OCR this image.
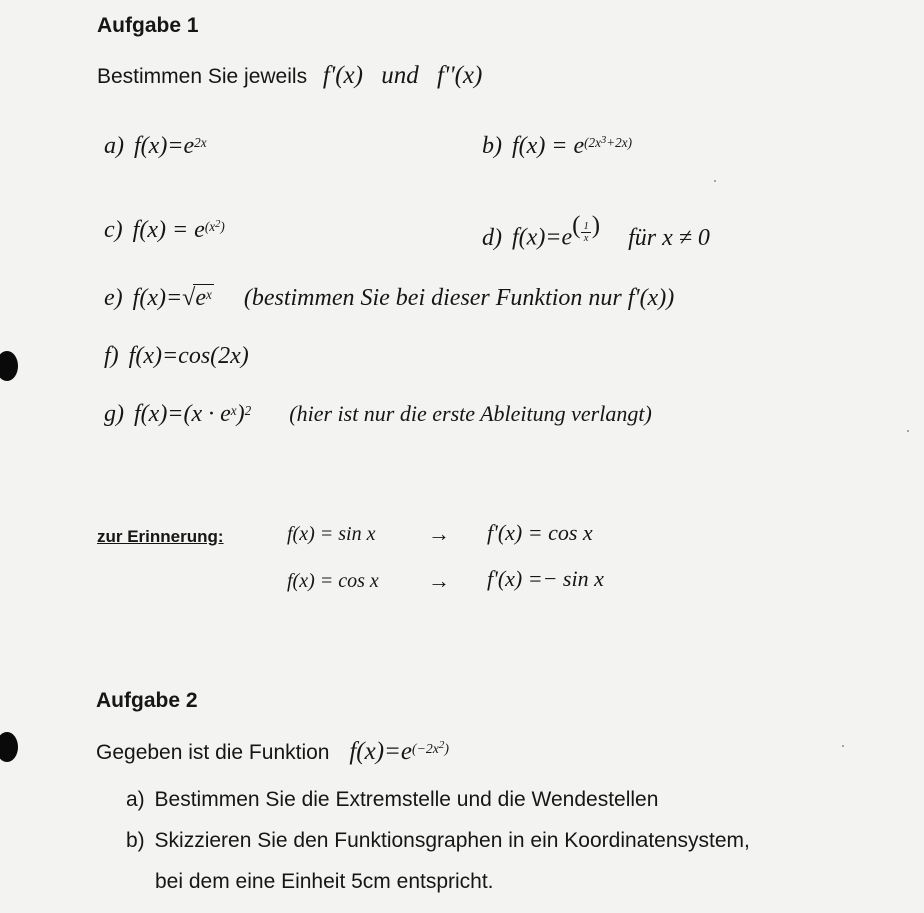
Aufgabe 1
Bestimmen Sie jeweils f'(x) und f''(x)
a) $f(x)=e^{2x}$	b) $f(x) = e^{(2x^3+2x)}$
c) $f(x) = e^{(x^2)}$	d) $f(x)=e^{( \frac{1}{x} )}$ für x ≠ 0
e) $f(x)=√e^x$ (bestimmen Sie bei dieser Funktion nur f'(x))
f) f(x)=cos(2x)
g) $f(x)=(x \cdot e^x)^2$ (hier ist nur die erste Ableitung verlangt)
zur Erinnerung:	f(x) = sin x → f'(x) = cos x
f(x) = cos x → f'(x) =− sin x
Aufgabe 2
Gegeben ist die Funktion $f(x)=e^{(-2x^2)}$
a) Bestimmen Sie die Extremstelle und die Wendestellen
b) Skizzieren Sie den Funktionsgraphen in ein Koordinatensystem,
bei dem eine Einheit 5cm entspricht.
